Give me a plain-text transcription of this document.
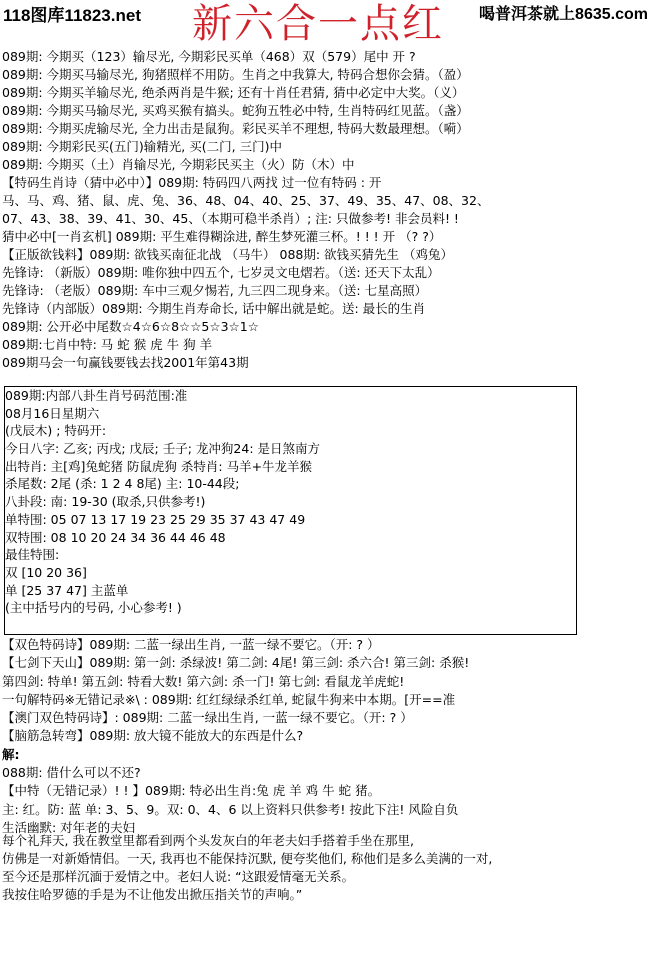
118图库11823.net 新六合一点红 喝普洱茶就上8635.com
089期: 今期买（123）输尽光, 今期彩民买单（468）双（579）尾中 开 ?
089期: 今期买马输尽光, 狗猪照样不用防。生肖之中我算大, 特码合想你会猜。（盈）
089期: 今期买羊输尽光, 绝杀两肖是牛猴; 还有十肖任君猜, 猜中必定中大奖。（义）
089期: 今期买马输尽光, 买鸡买猴有搞头。蛇狗五牲必中特, 生肖特码红见蓝。（盏）
089期: 今期买虎输尽光, 全力出击是鼠狗。彩民买羊不理想, 特码大数最理想。（嗬）
089期: 今期彩民买(五门)输精光, 买(二门, 三门)中
089期: 今期买（土）肖输尽光, 今期彩民买主（火）防（木）中
【特码生肖诗（猜中必中）】089期: 特码四八两找 过一位有特码 : 开
马、马、鸡、猪、鼠、虎、兔、36、48、04、40、25、37、49、35、47、08、32、
07、43、38、39、41、30、45、（本期可稳半杀肖）; 注: 只做参考! 非会员料! !
猜中必中[一肖玄机] 089期: 平生难得糊涂进, 醉生梦死灌三杯。! ! ! 开 （? ?）
【正版欲钱料】089期: 欲钱买南征北战 （马牛） 088期: 欲钱买猜先生 （鸡兔）
先锋诗: （新版）089期: 唯你独中四五个, 七岁灵文电熠若。（送: 还天下太乱）
先锋诗: （老版）089期: 车中三观夕惕若, 九三四二现身来。（送: 七星高照）
先锋诗（内部版）089期: 今期生肖寿命长, 话中解出就是蛇。送: 最长的生肖
089期: 公开必中尾数☆4☆6☆8☆☆5☆3☆1☆
089期:七肖中特: 马 蛇 猴 虎 牛 狗 羊
089期马会一句赢钱要钱去找2001年第43期
089期:内部八卦生肖号码范围:准
08月16日星期六
(戊辰木) ; 特码开:
今日八字: 乙亥; 丙戌; 戊辰; 壬子; 龙冲狗24: 是日煞南方
出特肖: 主[鸡]兔蛇猪 防鼠虎狗 杀特肖: 马羊+牛龙羊猴
杀尾数: 2尾 (杀: 1 2 4 8尾) 主: 10-44段;
八卦段: 南: 19-30 (取杀,只供参考!)
单特围: 05 07 13 17 19 23 25 29 35 37 43 47 49
双特围: 08 10 20 24 34 36 44 46 48
最佳特围:
双 [10 20 36]
单 [25 37 47] 主蓝单
(主中括号内的号码, 小心参考! )
【双色特码诗】089期: 二蓝一绿出生肖, 一蓝一绿不要它。（开: ? ）
【七剑下天山】089期: 第一剑: 杀绿波! 第二剑: 4尾! 第三剑: 杀六合! 第三剑: 杀猴!
第四剑: 特单! 第五剑: 特看大数! 第六剑: 杀一门! 第七剑: 看鼠龙羊虎蛇!
一句解特码※无错记录※\ : 089期: 红红绿绿杀红单, 蛇鼠牛狗来中本期。[开==准
【澳门双色特码诗】: 089期: 二蓝一绿出生肖, 一蓝一绿不要它。（开: ? ）
【脑筋急转弯】089期: 放大镜不能放大的东西是什么?
解:
088期: 借什么可以不还?
【中特（无错记录）! ! 】089期: 特必出生肖:兔 虎 羊 鸡 牛 蛇 猪。
主: 红。防: 蓝 单: 3、5、9。双: 0、4、6 以上资料只供参考! 按此下注! 风险自负
生活幽默: 对年老的夫妇
每个礼拜天, 我在教堂里都看到两个头发灰白的年老夫妇手搭着手坐在那里,
仿佛是一对新婚情侣。一天, 我再也不能保持沉默, 便夸奖他们, 称他们是多么美满的一对,
至今还是那样沉湎于爱情之中。老妇人说: “这跟爱情毫无关系。
我按住哈罗德的手是为不让他发出掀压指关节的声响。”
